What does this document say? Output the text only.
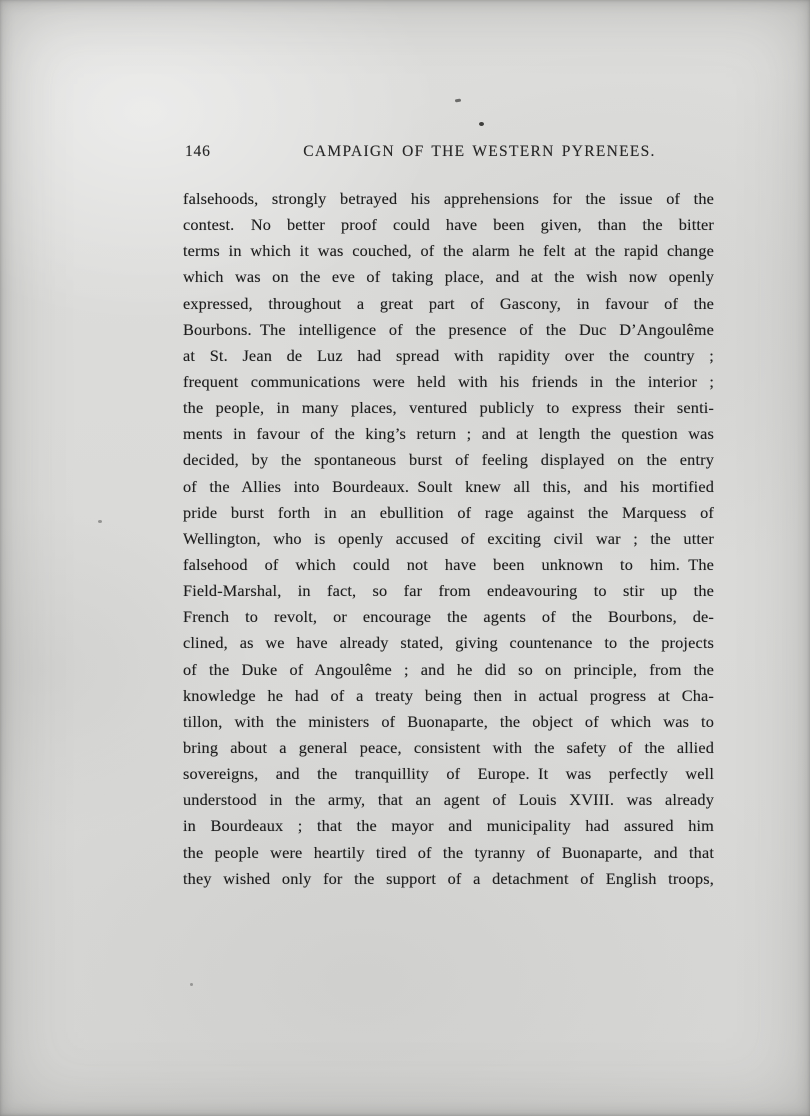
146	CAMPAIGN OF THE WESTERN PYRENEES.
falsehoods, strongly betrayed his apprehensions for the issue of the
contest. No better proof could have been given, than the bitter
terms in which it was couched, of the alarm he felt at the rapid change
which was on the eve of taking place, and at the wish now openly
expressed, throughout a great part of Gascony, in favour of the
Bourbons. The intelligence of the presence of the Duc D’Angoulême
at St. Jean de Luz had spread with rapidity over the country ;
frequent communications were held with his friends in the interior ;
the people, in many places, ventured publicly to express their senti-
ments in favour of the king’s return ; and at length the question was
decided, by the spontaneous burst of feeling displayed on the entry
of the Allies into Bourdeaux. Soult knew all this, and his mortified
pride burst forth in an ebullition of rage against the Marquess of
Wellington, who is openly accused of exciting civil war ; the utter
falsehood of which could not have been unknown to him. The
Field-Marshal, in fact, so far from endeavouring to stir up the
French to revolt, or encourage the agents of the Bourbons, de-
clined, as we have already stated, giving countenance to the projects
of the Duke of Angoulême ; and he did so on principle, from the
knowledge he had of a treaty being then in actual progress at Cha-
tillon, with the ministers of Buonaparte, the object of which was to
bring about a general peace, consistent with the safety of the allied
sovereigns, and the tranquillity of Europe. It was perfectly well
understood in the army, that an agent of Louis XVIII. was already
in Bourdeaux ; that the mayor and municipality had assured him
the people were heartily tired of the tyranny of Buonaparte, and that
they wished only for the support of a detachment of English troops,
